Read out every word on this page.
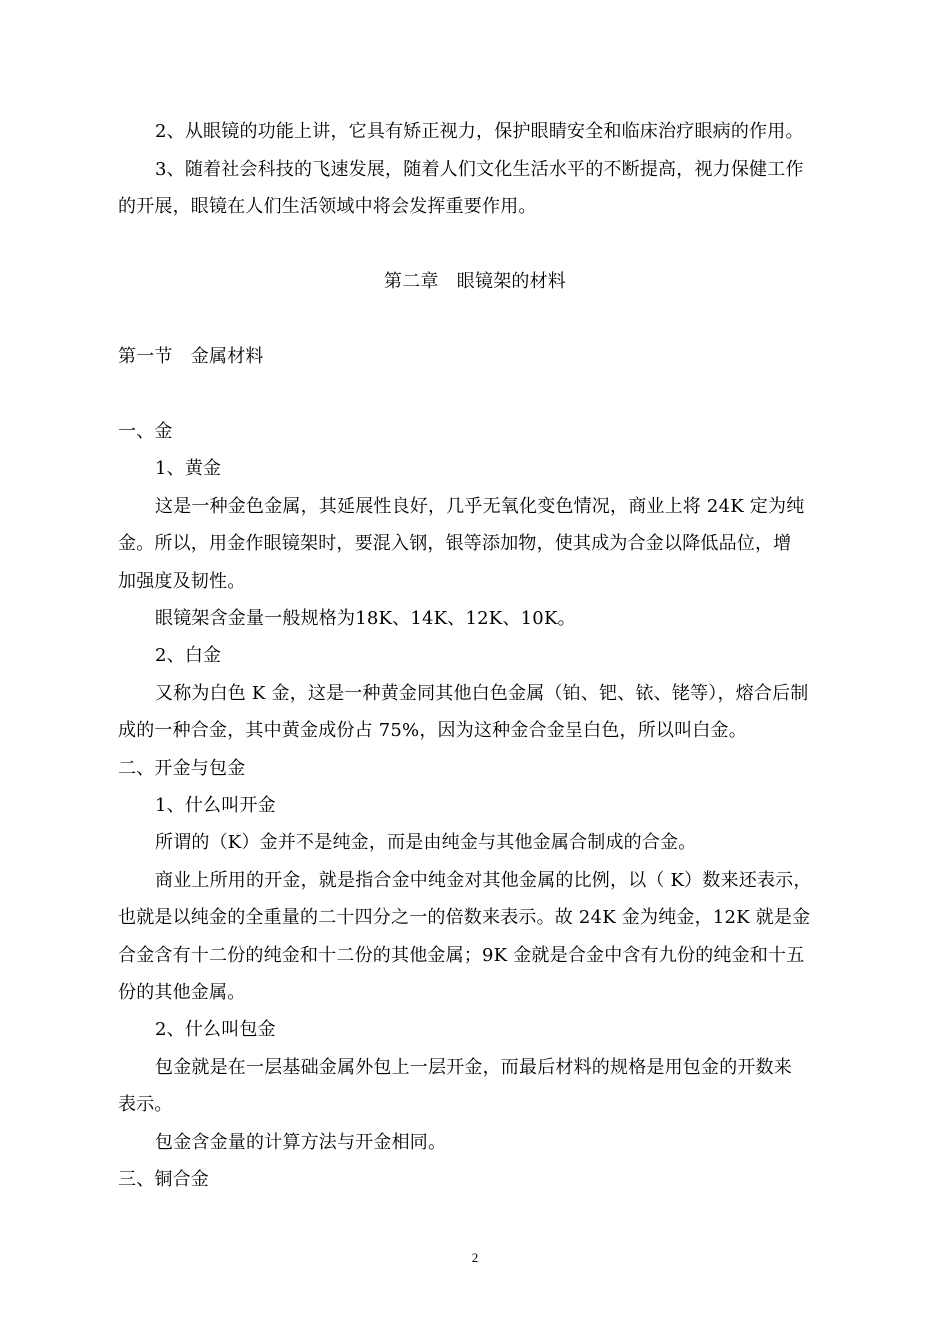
2、从眼镜的功能上讲，它具有矫正视力，保护眼睛安全和临床治疗眼病的作用。
3、随着社会科技的飞速发展，随着人们文化生活水平的不断提高，视力保健工作
的开展，眼镜在人们生活领域中将会发挥重要作用。
第二章　眼镜架的材料
第一节　金属材料
一、金
1、黄金
这是一种金色金属，其延展性良好，几乎无氧化变色情况，商业上将 24K 定为纯
金。所以，用金作眼镜架时，要混入钢，银等添加物，使其成为合金以降低品位，增
加强度及韧性。
眼镜架含金量一般规格为18K、14K、12K、10K。
2、白金
又称为白色 K 金，这是一种黄金同其他白色金属（铂、钯、铱、铑等），熔合后制
成的一种合金，其中黄金成份占 75%，因为这种金合金呈白色，所以叫白金。
二、开金与包金
1、什么叫开金
所谓的（K）金并不是纯金，而是由纯金与其他金属合制成的合金。
商业上所用的开金，就是指合金中纯金对其他金属的比例，以（ K）数来还表示，
也就是以纯金的全重量的二十四分之一的倍数来表示。故 24K 金为纯金，12K 就是金
合金含有十二份的纯金和十二份的其他金属；9K 金就是合金中含有九份的纯金和十五
份的其他金属。
2、什么叫包金
包金就是在一层基础金属外包上一层开金，而最后材料的规格是用包金的开数来
表示。
包金含金量的计算方法与开金相同。
三、铜合金
2
